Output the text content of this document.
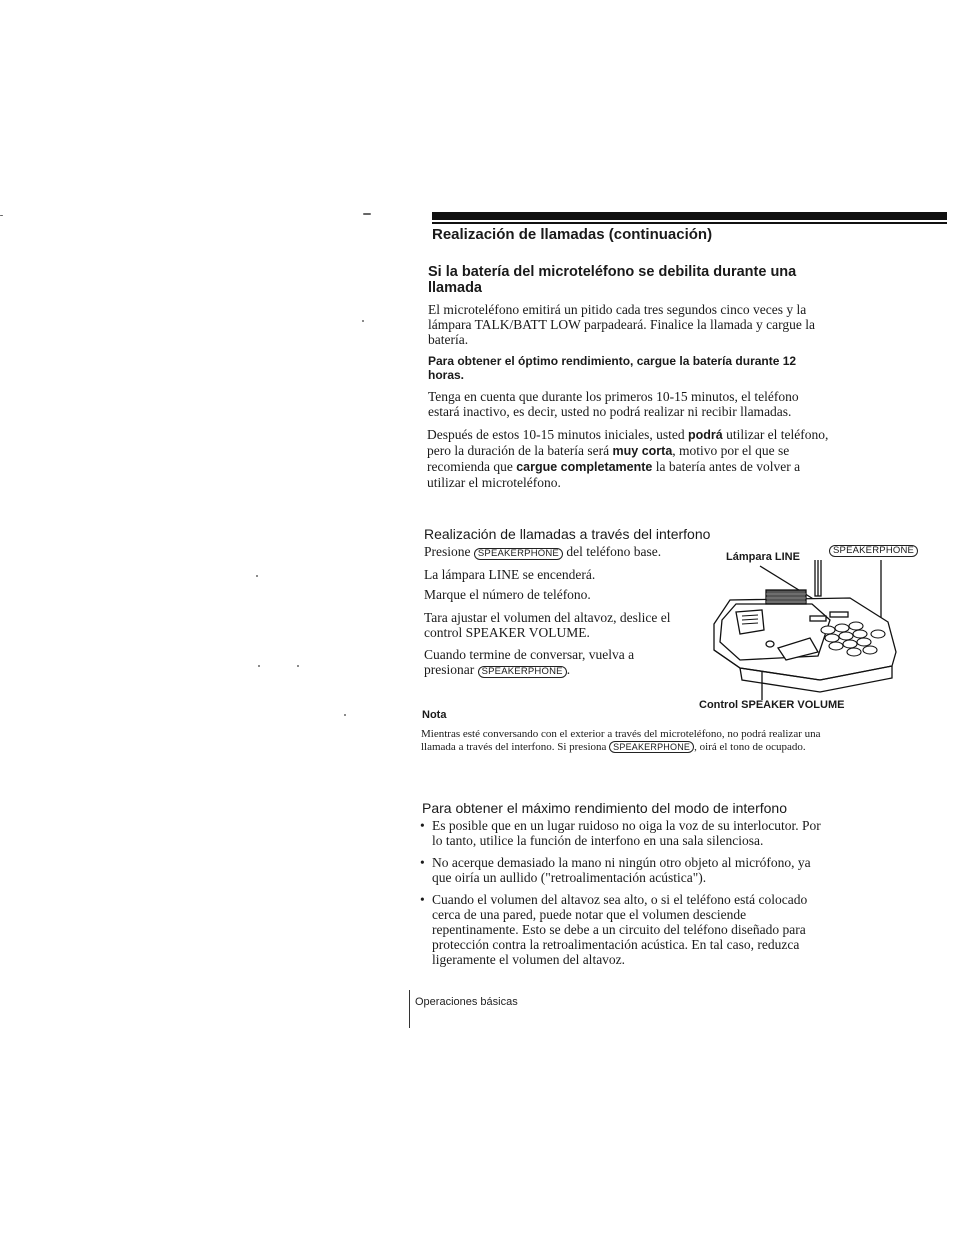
Realización de llamadas (continuación)
Si la batería del microteléfono se debilita durante una llamada
El microteléfono emitirá un pitido cada tres segundos cinco veces y la lámpara TALK/BATT LOW parpadeará. Finalice la llamada y cargue la batería.
Para obtener el óptimo rendimiento, cargue la batería durante 12 horas.
Tenga en cuenta que durante los primeros 10-15 minutos, el teléfono estará inactivo, es decir, usted no podrá realizar ni recibir llamadas.
Después de estos 10-15 minutos iniciales, usted podrá utilizar el teléfono, pero la duración de la batería será muy corta, motivo por el que se recomienda que cargue completamente la batería antes de volver a utilizar el microteléfono.
Realización de llamadas a través del interfono
Presione SPEAKERPHONE del teléfono base.
La lámpara LINE se encenderá.
Marque el número de teléfono.
Tara ajustar el volumen del altavoz, deslice el control SPEAKER VOLUME.
Cuando termine de conversar, vuelva a presionar SPEAKERPHONE .
Lámpara LINE
SPEAKERPHONE
Control SPEAKER VOLUME
Nota
Mientras esté conversando con el exterior a través del microteléfono, no podrá realizar una llamada a través del interfono. Si presiona SPEAKERPHONE , oirá el tono de ocupado.
Para obtener el máximo rendimiento del modo de interfono
• Es posible que en un lugar ruidoso no oiga la voz de su interlocutor. Por lo tanto, utilice la función de interfono en una sala silenciosa.
• No acerque demasiado la mano ni ningún otro objeto al micrófono, ya que oiría un aullido ("retroalimentación acústica").
• Cuando el volumen del altavoz sea alto, o si el teléfono está colocado cerca de una pared, puede notar que el volumen desciende repentinamente. Esto se debe a un circuito del teléfono diseñado para protección contra la retroalimentación acústica. En tal caso, reduzca ligeramente el volumen del altavoz.
Operaciones básicas
